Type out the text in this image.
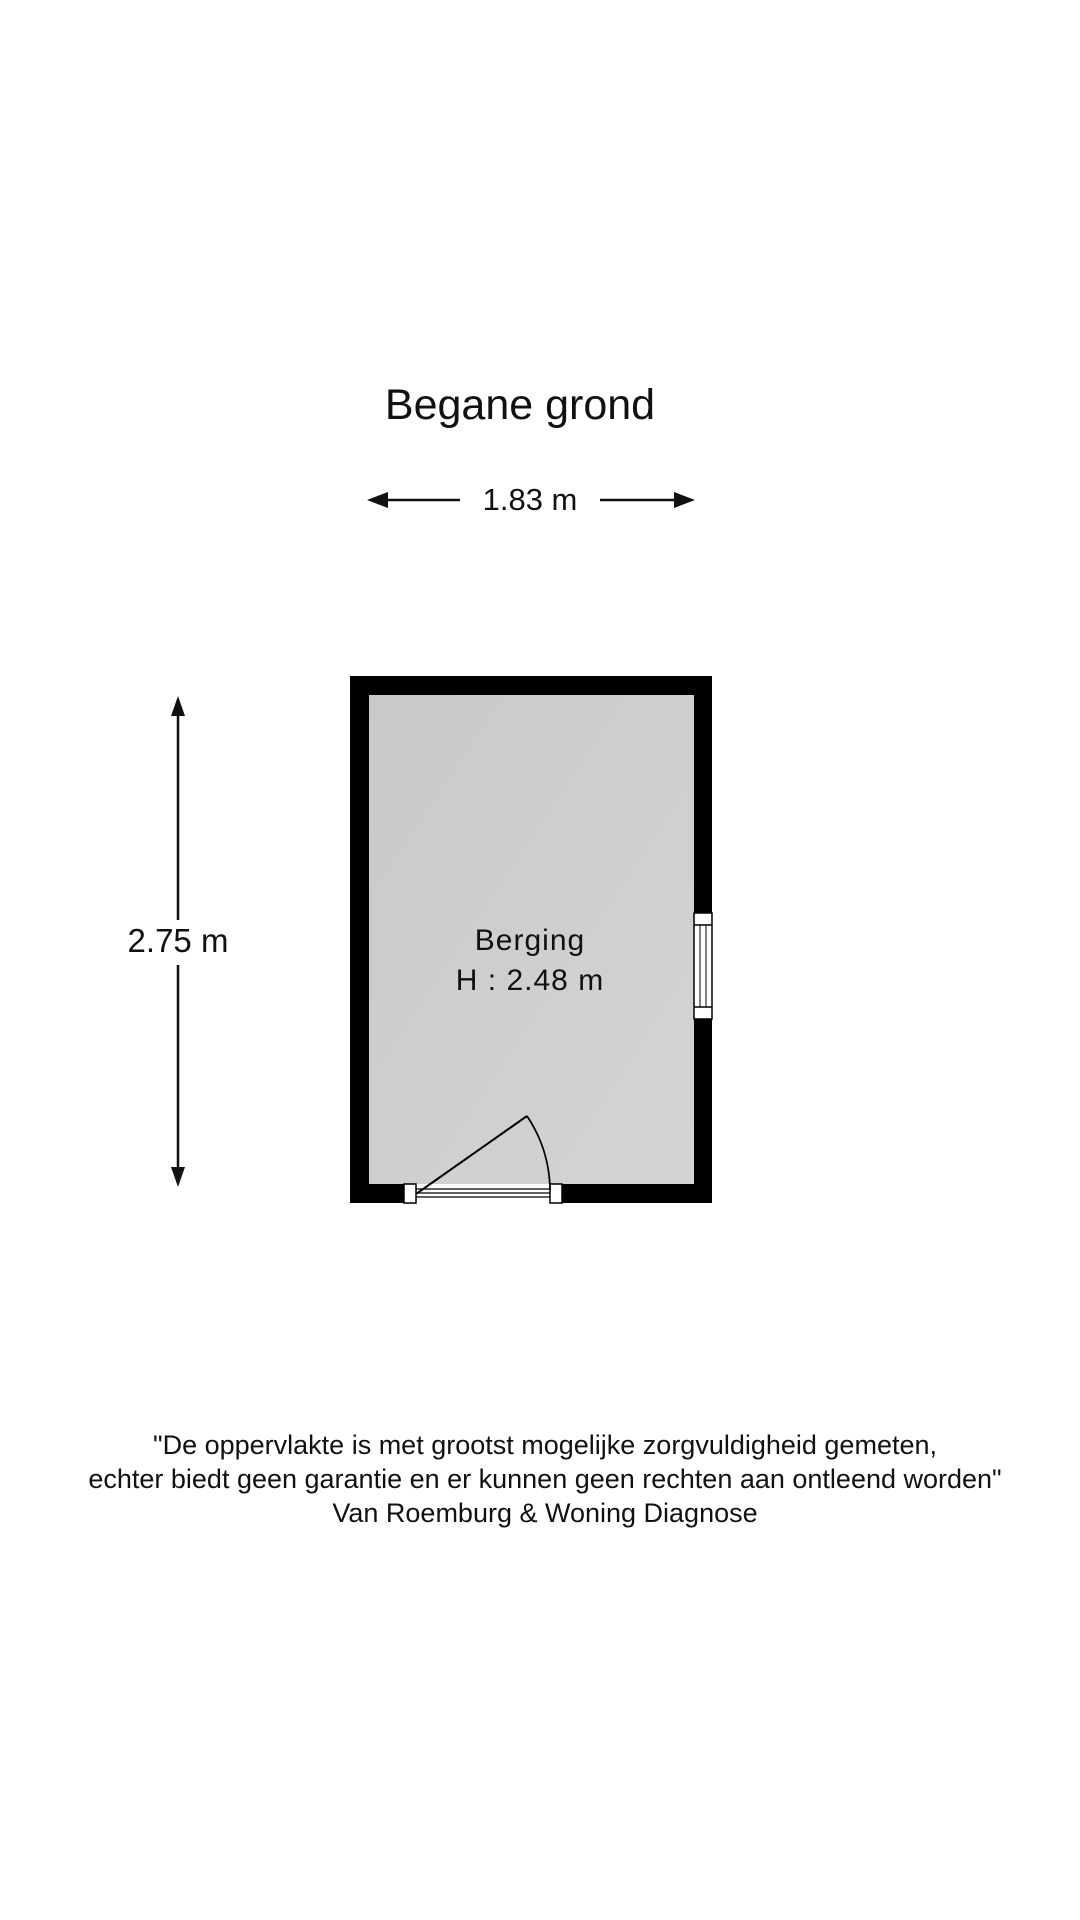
Begane grond
1.83 m
2.75 m	Berging
H : 2.48 m
"De oppervlakte is met grootst mogelijke zorgvuldigheid gemeten,
echter biedt geen garantie en er kunnen geen rechten aan ontleend worden"
Van Roemburg & Woning Diagnose
